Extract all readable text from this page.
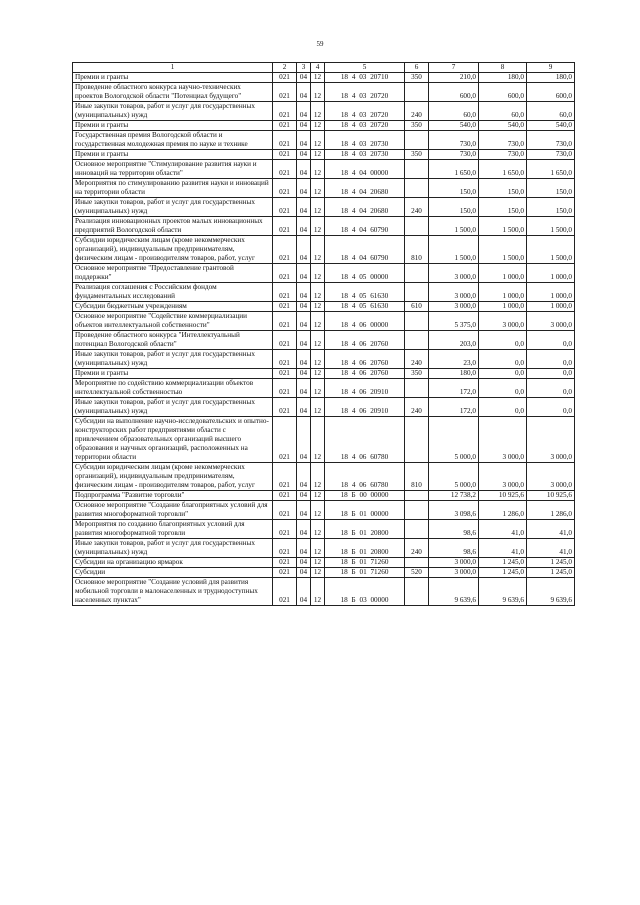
59
1	2	3	4	5	6	7	8	9
Премии и гранты	021	04	12	18 4 03 20710	350	210,0	180,0	180,0
Проведение областного конкурса научно-технических проектов Вологодской области "Потенциал будущего"	021	04	12	18 4 03 20720		600,0	600,0	600,0
Иные закупки товаров, работ и услуг для государственных (муниципальных) нужд	021	04	12	18 4 03 20720	240	60,0	60,0	60,0
Премии и гранты	021	04	12	18 4 03 20720	350	540,0	540,0	540,0
Государственная премия Вологодской области и государственная молодежная премия по науке и технике	021	04	12	18 4 03 20730		730,0	730,0	730,0
Премии и гранты	021	04	12	18 4 03 20730	350	730,0	730,0	730,0
Основное мероприятие "Стимулирование развития науки и инноваций на территории области"	021	04	12	18 4 04 00000		1 650,0	1 650,0	1 650,0
Мероприятия по стимулированию развития науки и инноваций на территории области	021	04	12	18 4 04 20680		150,0	150,0	150,0
Иные закупки товаров, работ и услуг для государственных (муниципальных) нужд	021	04	12	18 4 04 20680	240	150,0	150,0	150,0
Реализация инновационных проектов малых инновационных предприятий Вологодской области	021	04	12	18 4 04 60790		1 500,0	1 500,0	1 500,0
Субсидии юридическим лицам (кроме некоммерческих организаций), индивидуальным предпринимателям, физическим лицам - производителям товаров, работ, услуг	021	04	12	18 4 04 60790	810	1 500,0	1 500,0	1 500,0
Основное мероприятие "Предоставление грантовой поддержки"	021	04	12	18 4 05 00000		3 000,0	1 000,0	1 000,0
Реализация соглашения с Российским фондом фундаментальных исследований	021	04	12	18 4 05 61630		3 000,0	1 000,0	1 000,0
Субсидии бюджетным учреждениям	021	04	12	18 4 05 61630	610	3 000,0	1 000,0	1 000,0
Основное мероприятие "Содействие коммерциализации объектов интеллектуальной собственности"	021	04	12	18 4 06 00000		5 375,0	3 000,0	3 000,0
Проведение областного конкурса "Интеллектуальный потенциал Вологодской области"	021	04	12	18 4 06 20760		203,0	0,0	0,0
Иные закупки товаров, работ и услуг для государственных (муниципальных) нужд	021	04	12	18 4 06 20760	240	23,0	0,0	0,0
Премии и гранты	021	04	12	18 4 06 20760	350	180,0	0,0	0,0
Мероприятие по содействию коммерциализации объектов интеллектуальной собственностью	021	04	12	18 4 06 20910		172,0	0,0	0,0
Иные закупки товаров, работ и услуг для государственных (муниципальных) нужд	021	04	12	18 4 06 20910	240	172,0	0,0	0,0
Субсидии на выполнение научно-исследовательских и опытно-конструкторских работ предприятиями области с привлечением образовательных организаций высшего образования и научных организаций, расположенных на территории области	021	04	12	18 4 06 60780		5 000,0	3 000,0	3 000,0
Субсидии юридическим лицам (кроме некоммерческих организаций), индивидуальным предпринимателям, физическим лицам - производителям товаров, работ, услуг	021	04	12	18 4 06 60780	810	5 000,0	3 000,0	3 000,0
Подпрограмма "Развитие торговли"	021	04	12	18 Б 00 00000		12 738,2	10 925,6	10 925,6
Основное мероприятие "Создание благоприятных условий для развития многоформатной торговли"	021	04	12	18 Б 01 00000		3 098,6	1 286,0	1 286,0
Мероприятия по созданию благоприятных условий для развития многоформатной торговли	021	04	12	18 Б 01 20800		98,6	41,0	41,0
Иные закупки товаров, работ и услуг для государственных (муниципальных) нужд	021	04	12	18 Б 01 20800	240	98,6	41,0	41,0
Субсидии на организацию ярмарок	021	04	12	18 Б 01 71260		3 000,0	1 245,0	1 245,0
Субсидии	021	04	12	18 Б 01 71260	520	3 000,0	1 245,0	1 245,0
Основное мероприятие "Создание условий для развития мобильной торговли в малонаселенных и труднодоступных населенных пунктах"	021	04	12	18 Б 03 00000		9 639,6	9 639,6	9 639,6
